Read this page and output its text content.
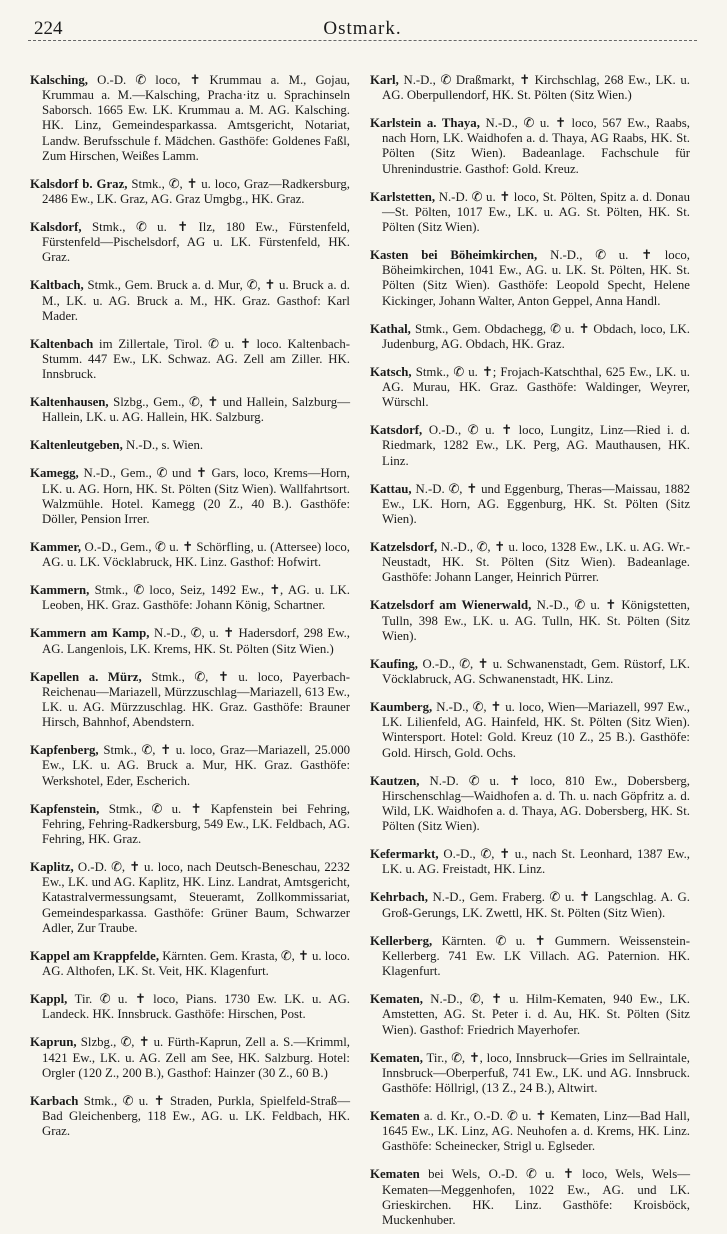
224	Ostmark.

Kalsching, O.-D. ✆ loco, ✝ Krummau a. M., Gojau, Krummau a. M.—Kalsching, Pracha·itz u. Sprachinseln Saborsch. 1665 Ew. LK. Krummau a. M. AG. Kalsching. HK. Linz, Gemeindesparkassa. Amtsgericht, Notariat, Landw. Berufsschule f. Mädchen. Gasthöfe: Goldenes Faßl, Zum Hirschen, Weißes Lamm.

Kalsdorf b. Graz, Stmk., ✆, ✝ u. loco, Graz—Radkersburg, 2486 Ew., LK. Graz, AG. Graz Umgbg., HK. Graz.

Kalsdorf, Stmk., ✆ u. ✝ Ilz, 180 Ew., Fürstenfeld, Fürstenfeld—Pischelsdorf, AG u. LK. Fürstenfeld, HK. Graz.

Kaltbach, Stmk., Gem. Bruck a. d. Mur, ✆, ✝ u. Bruck a. d. M., LK. u. AG. Bruck a. M., HK. Graz. Gasthof: Karl Mader.

Kaltenbach im Zillertale, Tirol. ✆ u. ✝ loco. Kaltenbach-Stumm. 447 Ew., LK. Schwaz. AG. Zell am Ziller. HK. Innsbruck.

Kaltenhausen, Slzbg., Gem., ✆, ✝ und Hallein, Salzburg—Hallein, LK. u. AG. Hallein, HK. Salzburg.

Kaltenleutgeben, N.-D., s. Wien.

Kamegg, N.-D., Gem., ✆ und ✝ Gars, loco, Krems—Horn, LK. u. AG. Horn, HK. St. Pölten (Sitz Wien). Wallfahrtsort. Walzmühle. Hotel. Kamegg (20 Z., 40 B.). Gasthöfe: Döller, Pension Irrer.

Kammer, O.-D., Gem., ✆ u. ✝ Schörfling, u. (Attersee) loco, AG. u. LK. Vöcklabruck, HK. Linz. Gasthof: Hofwirt.

Kammern, Stmk., ✆ loco, Seiz, 1492 Ew., ✝, AG. u. LK. Leoben, HK. Graz. Gasthöfe: Johann König, Schartner.

Kammern am Kamp, N.-D., ✆, u. ✝ Hadersdorf, 298 Ew., AG. Langenlois, LK. Krems, HK. St. Pölten (Sitz Wien.)

Kapellen a. Mürz, Stmk., ✆, ✝ u. loco, Payerbach-Reichenau—Mariazell, Mürzzuschlag—Mariazell, 613 Ew., LK. u. AG. Mürzzuschlag. HK. Graz. Gasthöfe: Brauner Hirsch, Bahnhof, Abendstern.

Kapfenberg, Stmk., ✆, ✝ u. loco, Graz—Mariazell, 25.000 Ew., LK. u. AG. Bruck a. Mur, HK. Graz. Gasthöfe: Werkshotel, Eder, Escherich.

Kapfenstein, Stmk., ✆ u. ✝ Kapfenstein bei Fehring, Fehring, Fehring-Radkersburg, 549 Ew., LK. Feldbach, AG. Fehring, HK. Graz.

Kaplitz, O.-D. ✆, ✝ u. loco, nach Deutsch-Beneschau, 2232 Ew., LK. und AG. Kaplitz, HK. Linz. Landrat, Amtsgericht, Katastralvermessungsamt, Steueramt, Zollkommissariat, Gemeindesparkassa. Gasthöfe: Grüner Baum, Schwarzer Adler, Zur Traube.

Kappel am Krappfelde, Kärnten. Gem. Krasta, ✆, ✝ u. loco. AG. Althofen, LK. St. Veit, HK. Klagenfurt.

Kappl, Tir. ✆ u. ✝ loco, Pians. 1730 Ew. LK. u. AG. Landeck. HK. Innsbruck. Gasthöfe: Hirschen, Post.

Kaprun, Slzbg., ✆, ✝ u. Fürth-Kaprun, Zell a. S.—Krimml, 1421 Ew., LK. u. AG. Zell am See, HK. Salzburg. Hotel: Orgler (120 Z., 200 B.), Gasthof: Hainzer (30 Z., 60 B.)

Karbach Stmk., ✆ u. ✝ Straden, Purkla, Spielfeld-Straß—Bad Gleichenberg, 118 Ew., AG. u. LK. Feldbach, HK. Graz.

Karl, N.-D., ✆ Draßmarkt, ✝ Kirchschlag, 268 Ew., LK. u. AG. Oberpullendorf, HK. St. Pölten (Sitz Wien.)

Karlstein a. Thaya, N.-D., ✆ u. ✝ loco, 567 Ew., Raabs, nach Horn, LK. Waidhofen a. d. Thaya, AG Raabs, HK. St. Pölten (Sitz Wien). Badeanlage. Fachschule für Uhrenindustrie. Gasthof: Gold. Kreuz.

Karlstetten, N.-D. ✆ u. ✝ loco, St. Pölten, Spitz a. d. Donau—St. Pölten, 1017 Ew., LK. u. AG. St. Pölten, HK. St. Pölten (Sitz Wien).

Kasten bei Böheimkirchen, N.-D., ✆ u. ✝ loco, Böheimkirchen, 1041 Ew., AG. u. LK. St. Pölten, HK. St. Pölten (Sitz Wien). Gasthöfe: Leopold Specht, Helene Kickinger, Johann Walter, Anton Geppel, Anna Handl.

Kathal, Stmk., Gem. Obdachegg, ✆ u. ✝ Obdach, loco, LK. Judenburg, AG. Obdach, HK. Graz.

Katsch, Stmk., ✆ u. ✝; Frojach-Katschthal, 625 Ew., LK. u. AG. Murau, HK. Graz. Gasthöfe: Waldinger, Weyrer, Würschl.

Katsdorf, O.-D., ✆ u. ✝ loco, Lungitz, Linz—Ried i. d. Riedmark, 1282 Ew., LK. Perg, AG. Mauthausen, HK. Linz.

Kattau, N.-D. ✆, ✝ und Eggenburg, Theras—Maissau, 1882 Ew., LK. Horn, AG. Eggenburg, HK. St. Pölten (Sitz Wien).

Katzelsdorf, N.-D., ✆, ✝ u. loco, 1328 Ew., LK. u. AG. Wr.-Neustadt, HK. St. Pölten (Sitz Wien). Badeanlage. Gasthöfe: Johann Langer, Heinrich Pürrer.

Katzelsdorf am Wienerwald, N.-D., ✆ u. ✝ Königstetten, Tulln, 398 Ew., LK. u. AG. Tulln, HK. St. Pölten (Sitz Wien).

Kaufing, O.-D., ✆, ✝ u. Schwanenstadt, Gem. Rüstorf, LK. Vöcklabruck, AG. Schwanenstadt, HK. Linz.

Kaumberg, N.-D., ✆, ✝ u. loco, Wien—Mariazell, 997 Ew., LK. Lilienfeld, AG. Hainfeld, HK. St. Pölten (Sitz Wien). Wintersport. Hotel: Gold. Kreuz (10 Z., 25 B.). Gasthöfe: Gold. Hirsch, Gold. Ochs.

Kautzen, N.-D. ✆ u. ✝ loco, 810 Ew., Dobersberg, Hirschenschlag—Waidhofen a. d. Th. u. nach Göpfritz a. d. Wild, LK. Waidhofen a. d. Thaya, AG. Dobersberg, HK. St. Pölten (Sitz Wien).

Kefermarkt, O.-D., ✆, ✝ u., nach St. Leonhard, 1387 Ew., LK. u. AG. Freistadt, HK. Linz.

Kehrbach, N.-D., Gem. Fraberg. ✆ u. ✝ Langschlag. A. G. Groß-Gerungs, LK. Zwettl, HK. St. Pölten (Sitz Wien).

Kellerberg, Kärnten. ✆ u. ✝ Gummern. Weissenstein-Kellerberg. 741 Ew. LK Villach. AG. Paternion. HK. Klagenfurt.

Kematen, N.-D., ✆, ✝ u. Hilm-Kematen, 940 Ew., LK. Amstetten, AG. St. Peter i. d. Au, HK. St. Pölten (Sitz Wien). Gasthof: Friedrich Mayerhofer.

Kematen, Tir., ✆, ✝, loco, Innsbruck—Gries im Sellraintale, Innsbruck—Oberperfuß, 741 Ew., LK. und AG. Innsbruck. Gasthöfe: Höllrigl, (13 Z., 24 B.), Altwirt.

Kematen a. d. Kr., O.-D. ✆ u. ✝ Kematen, Linz—Bad Hall, 1645 Ew., LK. Linz, AG. Neuhofen a. d. Krems, HK. Linz. Gasthöfe: Scheinecker, Strigl u. Eglseder.

Kematen bei Wels, O.-D. ✆ u. ✝ loco, Wels, Wels—Kematen—Meggenhofen, 1022 Ew., AG. und LK. Grieskirchen. HK. Linz. Gasthöfe: Kroisböck, Muckenhuber.
